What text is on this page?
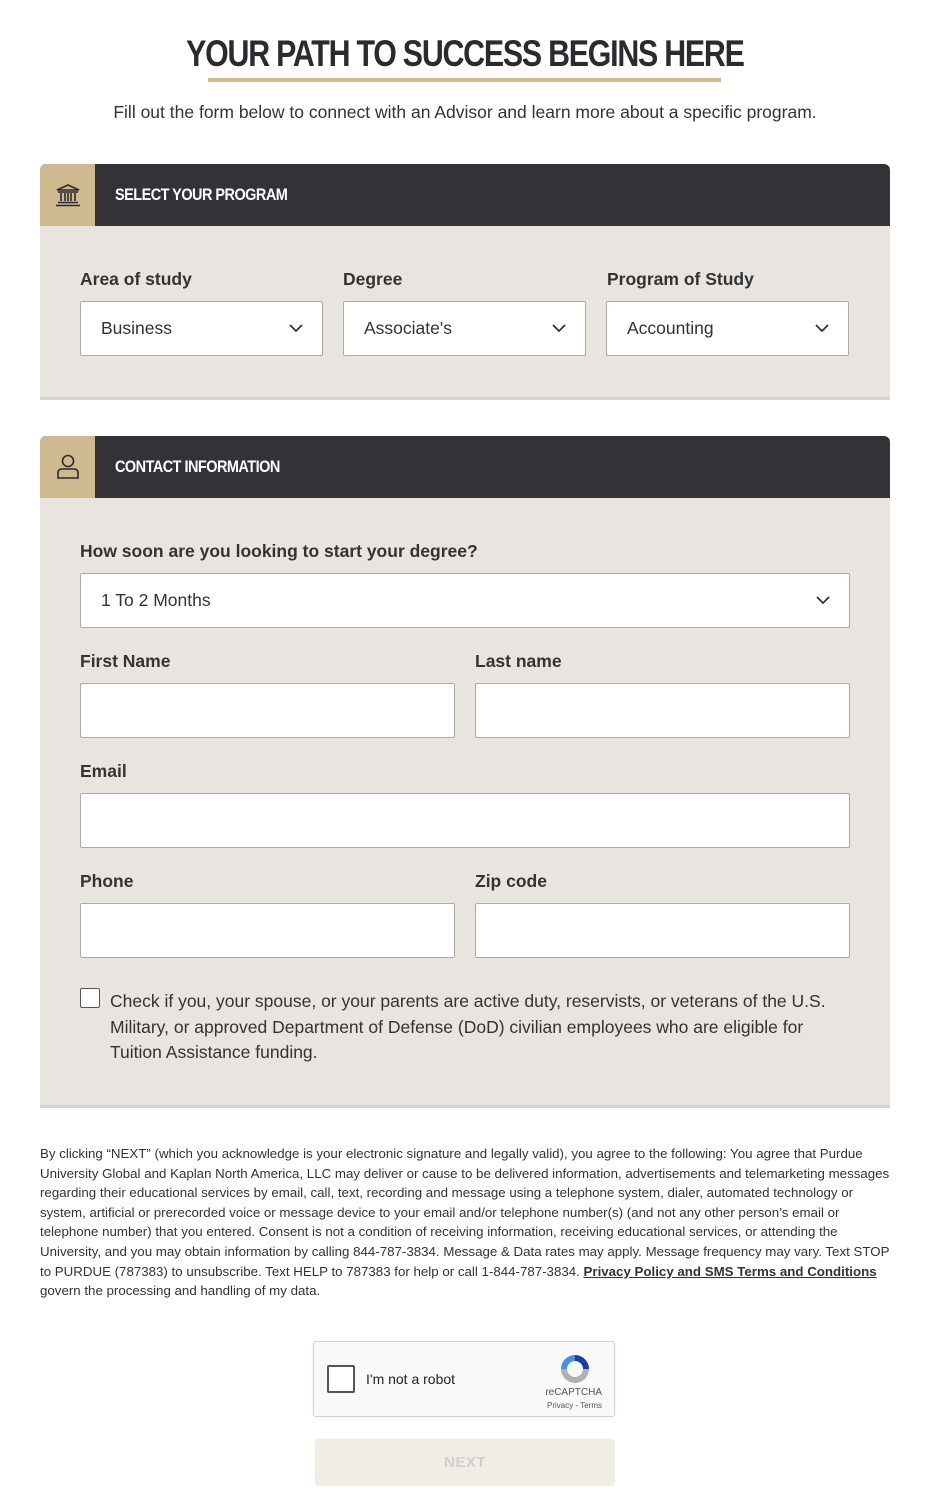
YOUR PATH TO SUCCESS BEGINS HERE

Fill out the form below to connect with an Advisor and learn more about a specific program.

SELECT YOUR PROGRAM
Area of study	Degree	Program of Study
Business	Associate's	Accounting
CONTACT INFORMATION
How soon are you looking to start your degree?
1 To 2 Months
First Name	Last name
Email
Phone	Zip code

Check if you, your spouse, or your parents are active duty, reservists, or veterans of the U.S. Military, or approved Department of Defense (DoD) civilian employees who are eligible for Tuition Assistance funding.

By clicking “NEXT” (which you acknowledge is your electronic signature and legally valid), you agree to the following: You agree that Purdue University Global and Kaplan North America, LLC may deliver or cause to be delivered information, advertisements and telemarketing messages regarding their educational services by email, call, text, recording and message using a telephone system, dialer, automated technology or system, artificial or prerecorded voice or message device to your email and/or telephone number(s) (and not any other person’s email or telephone number) that you entered. Consent is not a condition of receiving information, receiving educational services, or attending the University, and you may obtain information by calling 844-787-3834. Message & Data rates may apply. Message frequency may vary. Text STOP to PURDUE (787383) to unsubscribe. Text HELP to 787383 for help or call 1-844-787-3834. Privacy Policy and SMS Terms and Conditions govern the processing and handling of my data.

I'm not a robot
reCAPTCHA
Privacy - Terms
NEXT
